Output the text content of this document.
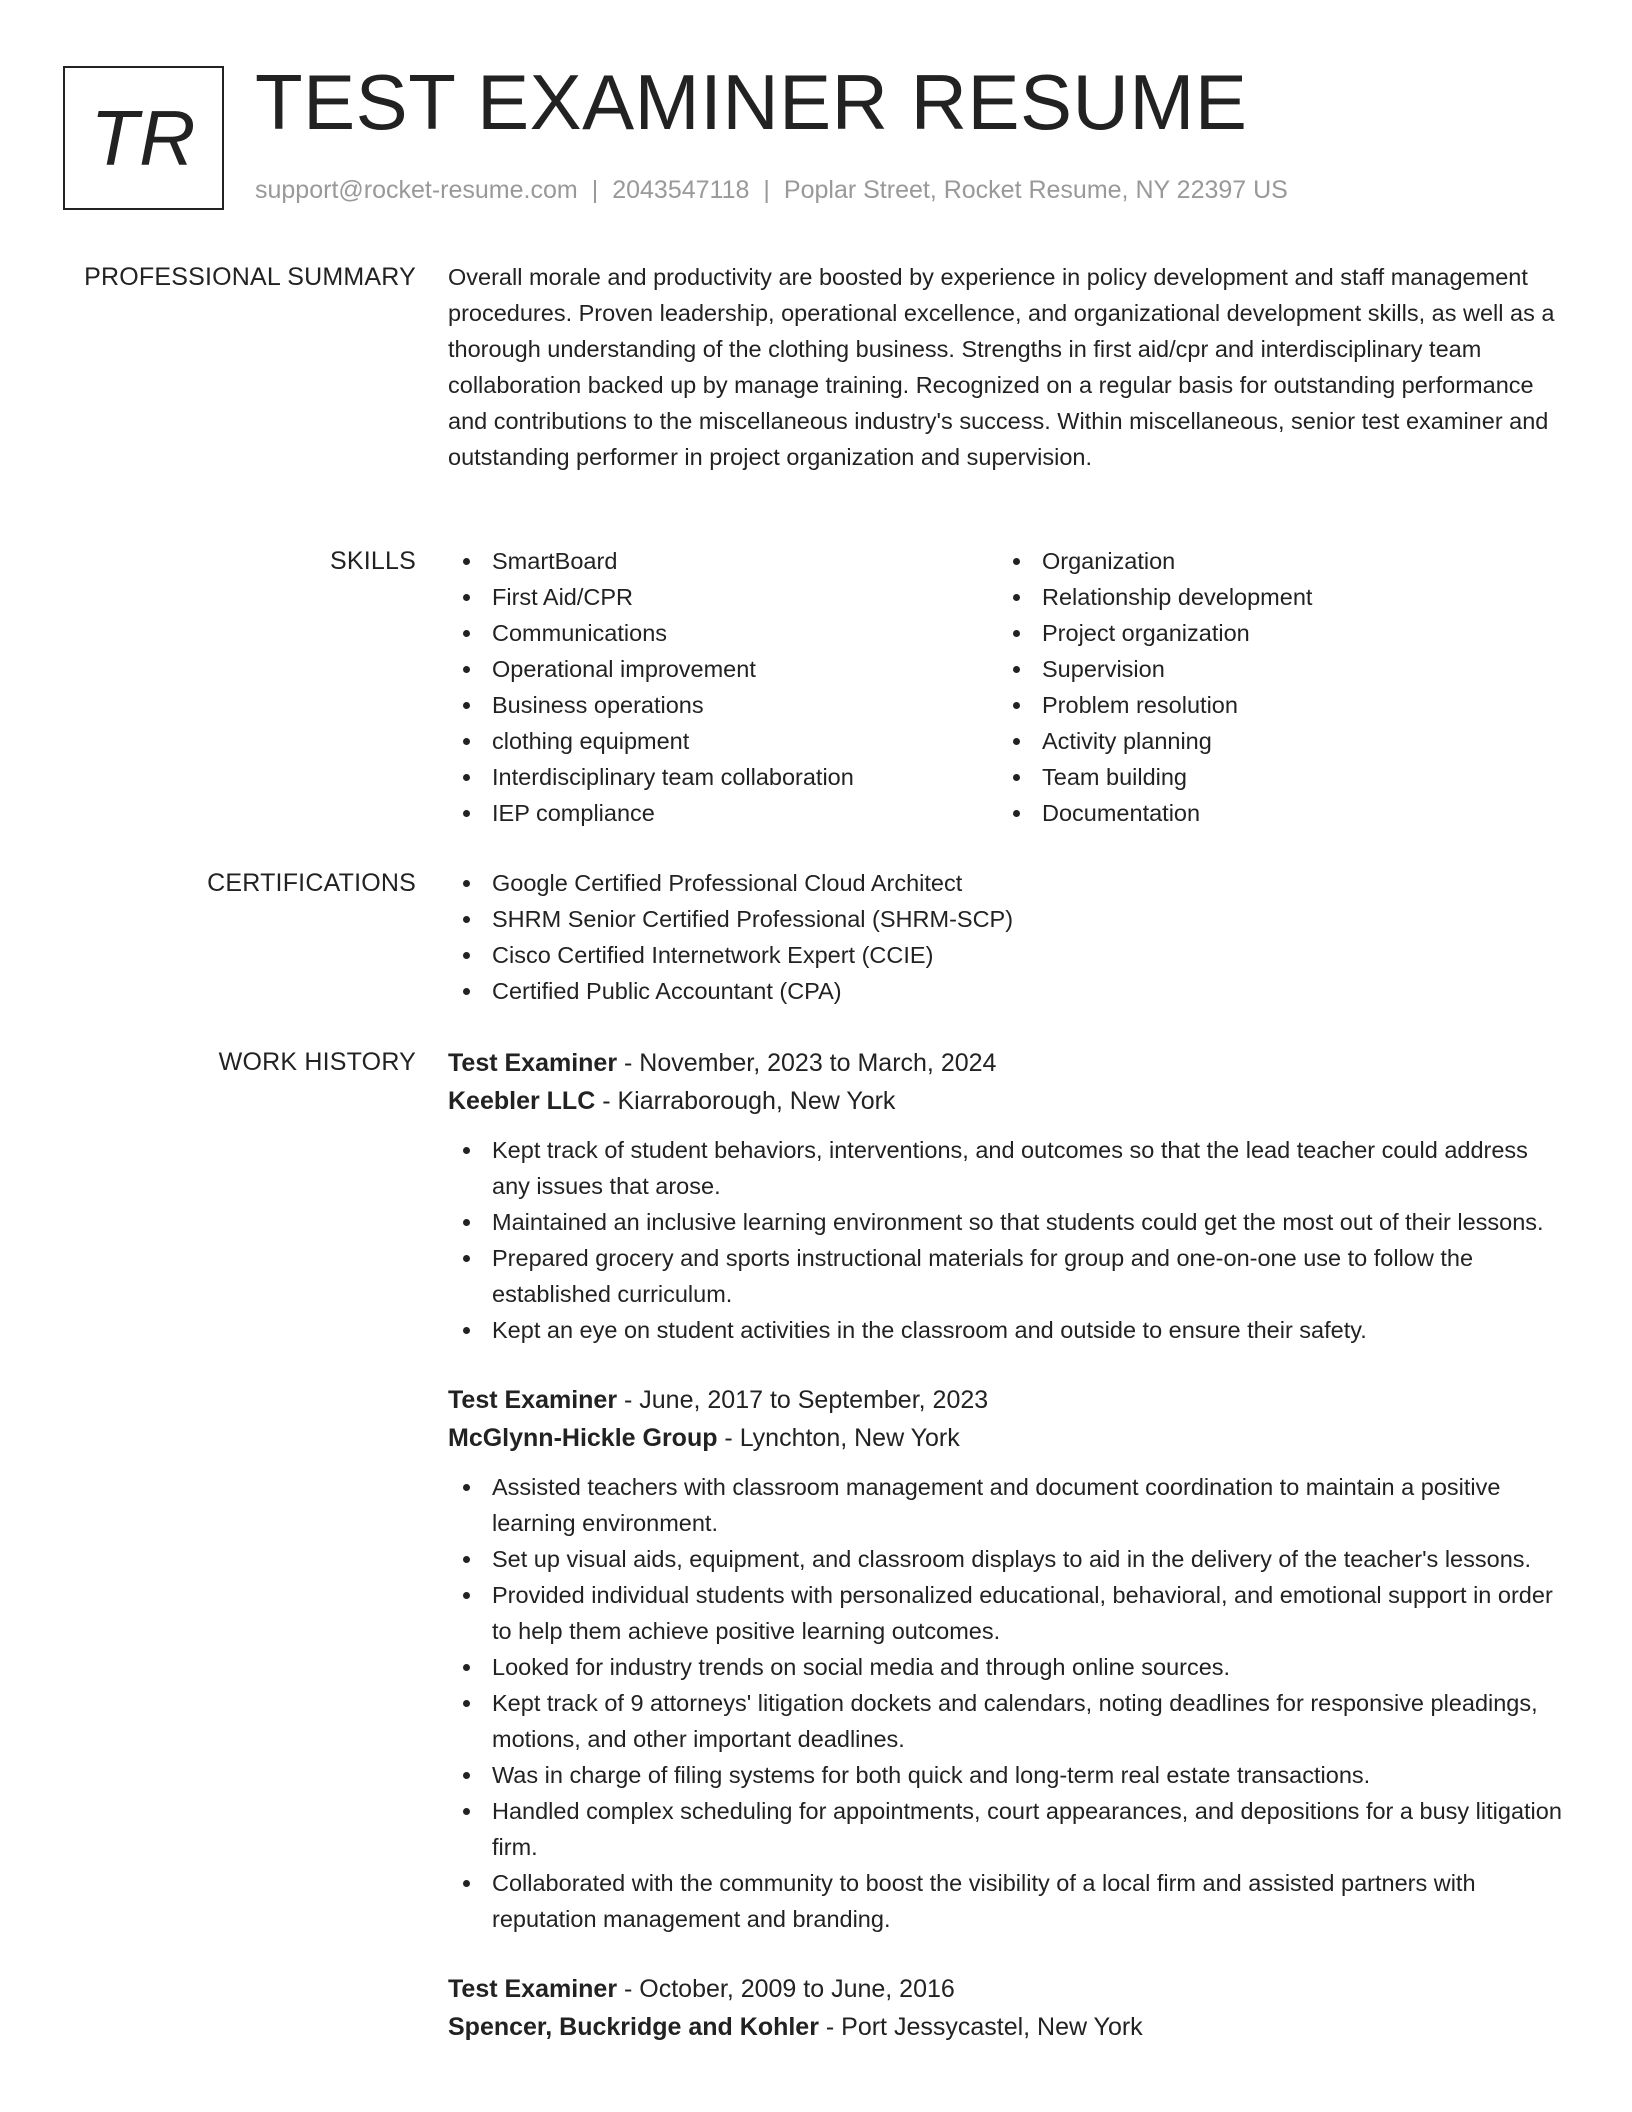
TR TEST EXAMINER RESUME
support@rocket-resume.com | 2043547118 | Poplar Street, Rocket Resume, NY 22397 US
PROFESSIONAL SUMMARY Overall morale and productivity are boosted by experience in policy development and staff management procedures. Proven leadership, operational excellence, and organizational development skills, as well as a thorough understanding of the clothing business. Strengths in first aid/cpr and interdisciplinary team collaboration backed up by manage training. Recognized on a regular basis for outstanding performance and contributions to the miscellaneous industry's success. Within miscellaneous, senior test examiner and outstanding performer in project organization and supervision.
SKILLS	SmartBoard
First Aid/CPR
Communications
Operational improvement
Business operations
clothing equipment
Interdisciplinary team collaboration
IEP compliance
Organization
Relationship development
Project organization
Supervision
Problem resolution
Activity planning
Team building
Documentation
CERTIFICATIONS	Google Certified Professional Cloud Architect
SHRM Senior Certified Professional (SHRM-SCP)
Cisco Certified Internetwork Expert (CCIE)
Certified Public Accountant (CPA)
WORK HISTORY Test Examiner - November, 2023 to March, 2024
Keebler LLC - Kiarraborough, New York
Kept track of student behaviors, interventions, and outcomes so that the lead teacher could address any issues that arose.
Maintained an inclusive learning environment so that students could get the most out of their lessons.
Prepared grocery and sports instructional materials for group and one-on-one use to follow the established curriculum.
Kept an eye on student activities in the classroom and outside to ensure their safety.
Test Examiner - June, 2017 to September, 2023
McGlynn-Hickle Group - Lynchton, New York
Assisted teachers with classroom management and document coordination to maintain a positive learning environment.
Set up visual aids, equipment, and classroom displays to aid in the delivery of the teacher's lessons.
Provided individual students with personalized educational, behavioral, and emotional support in order to help them achieve positive learning outcomes.
Looked for industry trends on social media and through online sources.
Kept track of 9 attorneys' litigation dockets and calendars, noting deadlines for responsive pleadings, motions, and other important deadlines.
Was in charge of filing systems for both quick and long-term real estate transactions.
Handled complex scheduling for appointments, court appearances, and depositions for a busy litigation firm.
Collaborated with the community to boost the visibility of a local firm and assisted partners with reputation management and branding.
Test Examiner - October, 2009 to June, 2016
Spencer, Buckridge and Kohler - Port Jessycastel, New York
